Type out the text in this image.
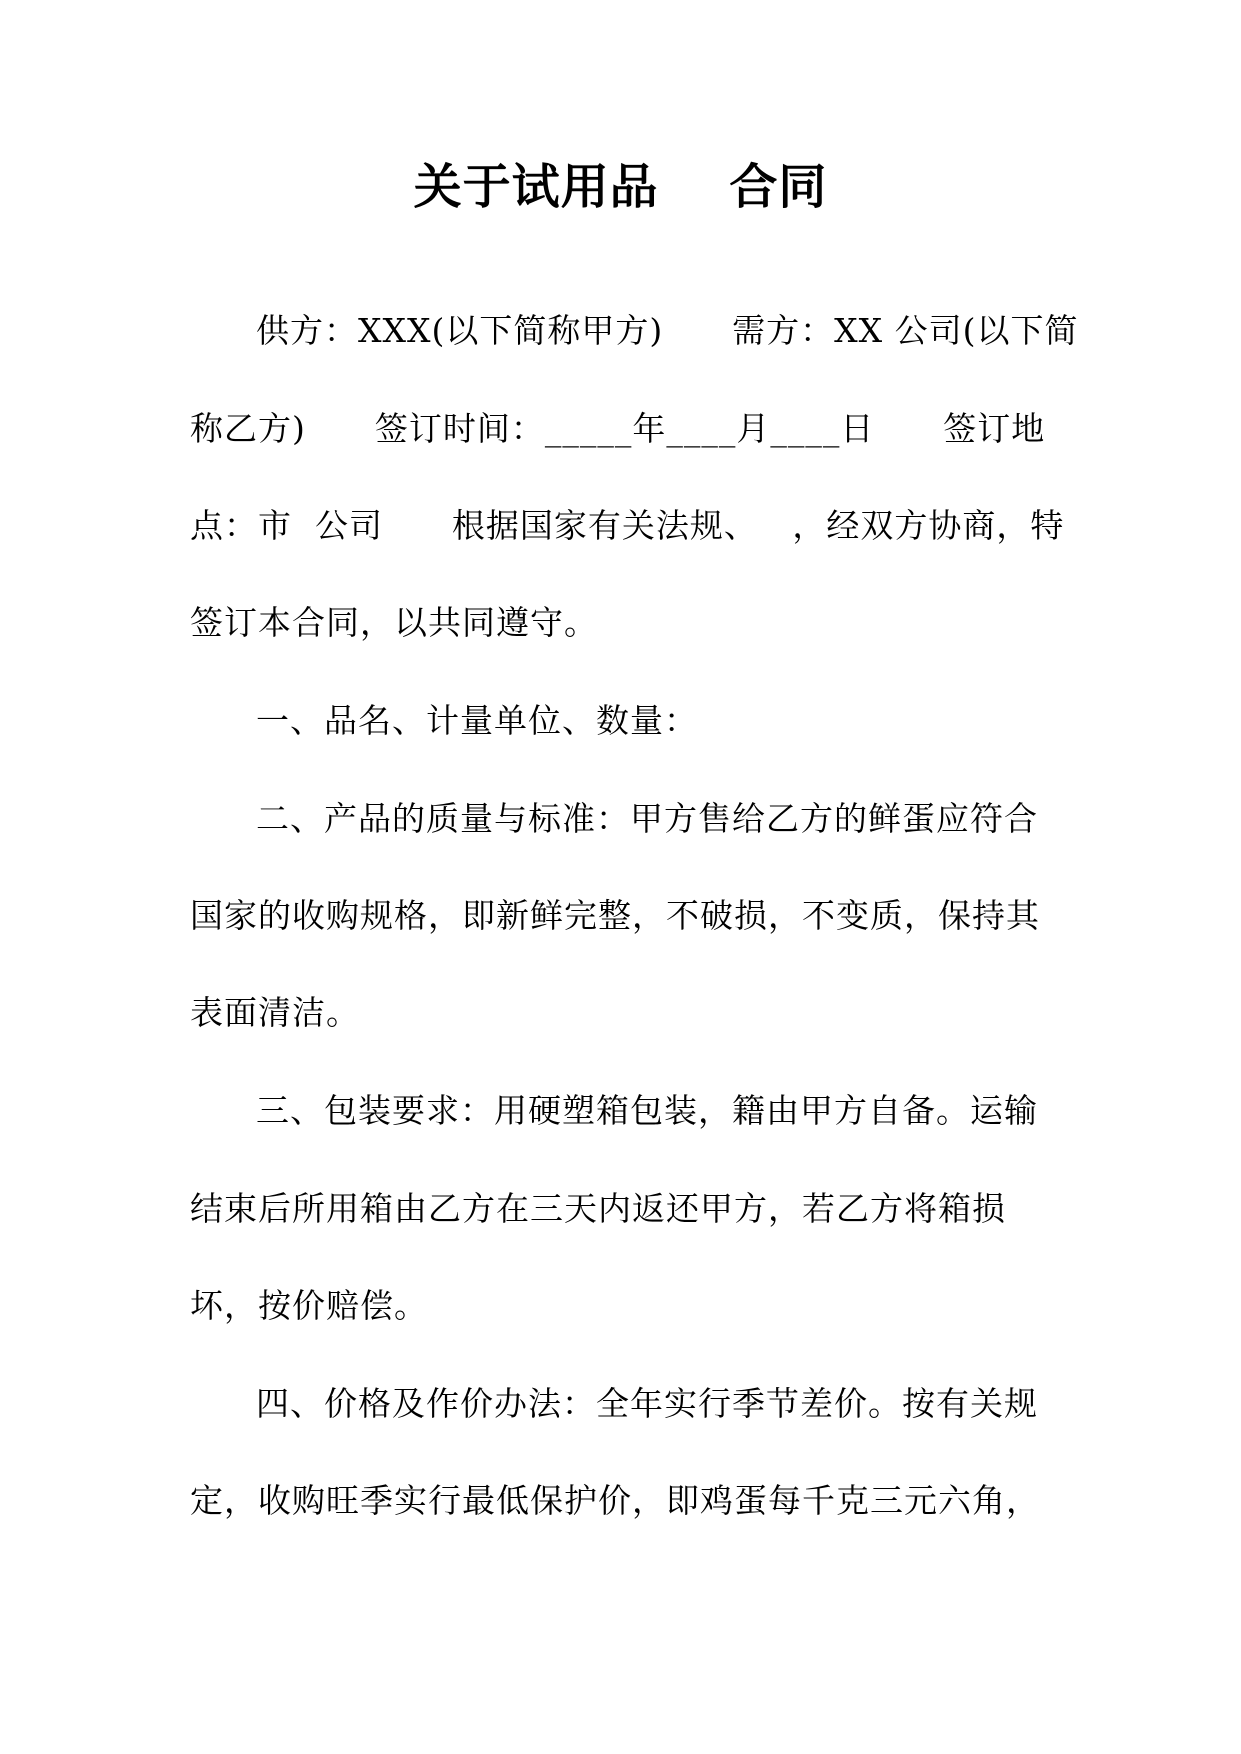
关于试用品    合同
供方：XXX(以下简称甲方)      需方：XX 公司(以下简
称乙方)      签订时间：_____年____月____日      签订地
点：市  公司      根据国家有关法规、   ，经双方协商，特
签订本合同，以共同遵守。
一、品名、计量单位、数量：
二、产品的质量与标准：甲方售给乙方的鲜蛋应符合
国家的收购规格，即新鲜完整，不破损，不变质，保持其
表面清洁。
三、包装要求：用硬塑箱包装，籍由甲方自备。运输
结束后所用箱由乙方在三天内返还甲方，若乙方将箱损
坏，按价赔偿。
四、价格及作价办法：全年实行季节差价。按有关规
定，收购旺季实行最低保护价，即鸡蛋每千克三元六角，
